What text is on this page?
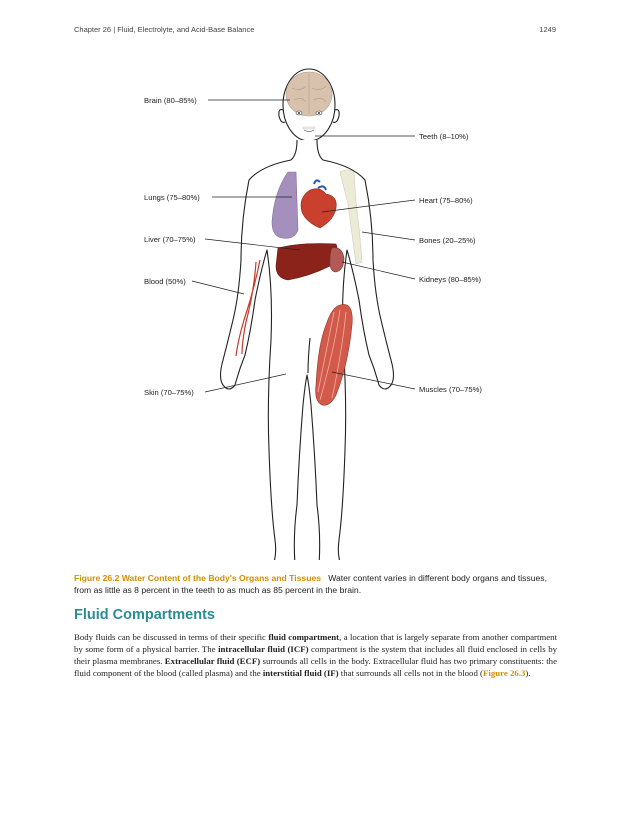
Chapter 26 | Fluid, Electrolyte, and Acid-Base Balance	1249
Brain (80–85%)
Teeth (8–10%)
Lungs (75–80%)	Heart (75–80%)
Liver (70–75%)	Bones (20–25%)
Blood (50%)	Kidneys (80–85%)
Skin (70–75%)	Muscles (70–75%)
Figure 26.2 Water Content of the Body's Organs and Tissues Water content varies in different body organs and tissues, from as little as 8 percent in the teeth to as much as 85 percent in the brain.
Fluid Compartments
Body fluids can be discussed in terms of their specific fluid compartment, a location that is largely separate from another compartment by some form of a physical barrier. The intracellular fluid (ICF) compartment is the system that includes all fluid enclosed in cells by their plasma membranes. Extracellular fluid (ECF) surrounds all cells in the body. Extracellular fluid has two primary constituents: the fluid component of the blood (called plasma) and the interstitial fluid (IF) that surrounds all cells not in the blood (Figure 26.3).
